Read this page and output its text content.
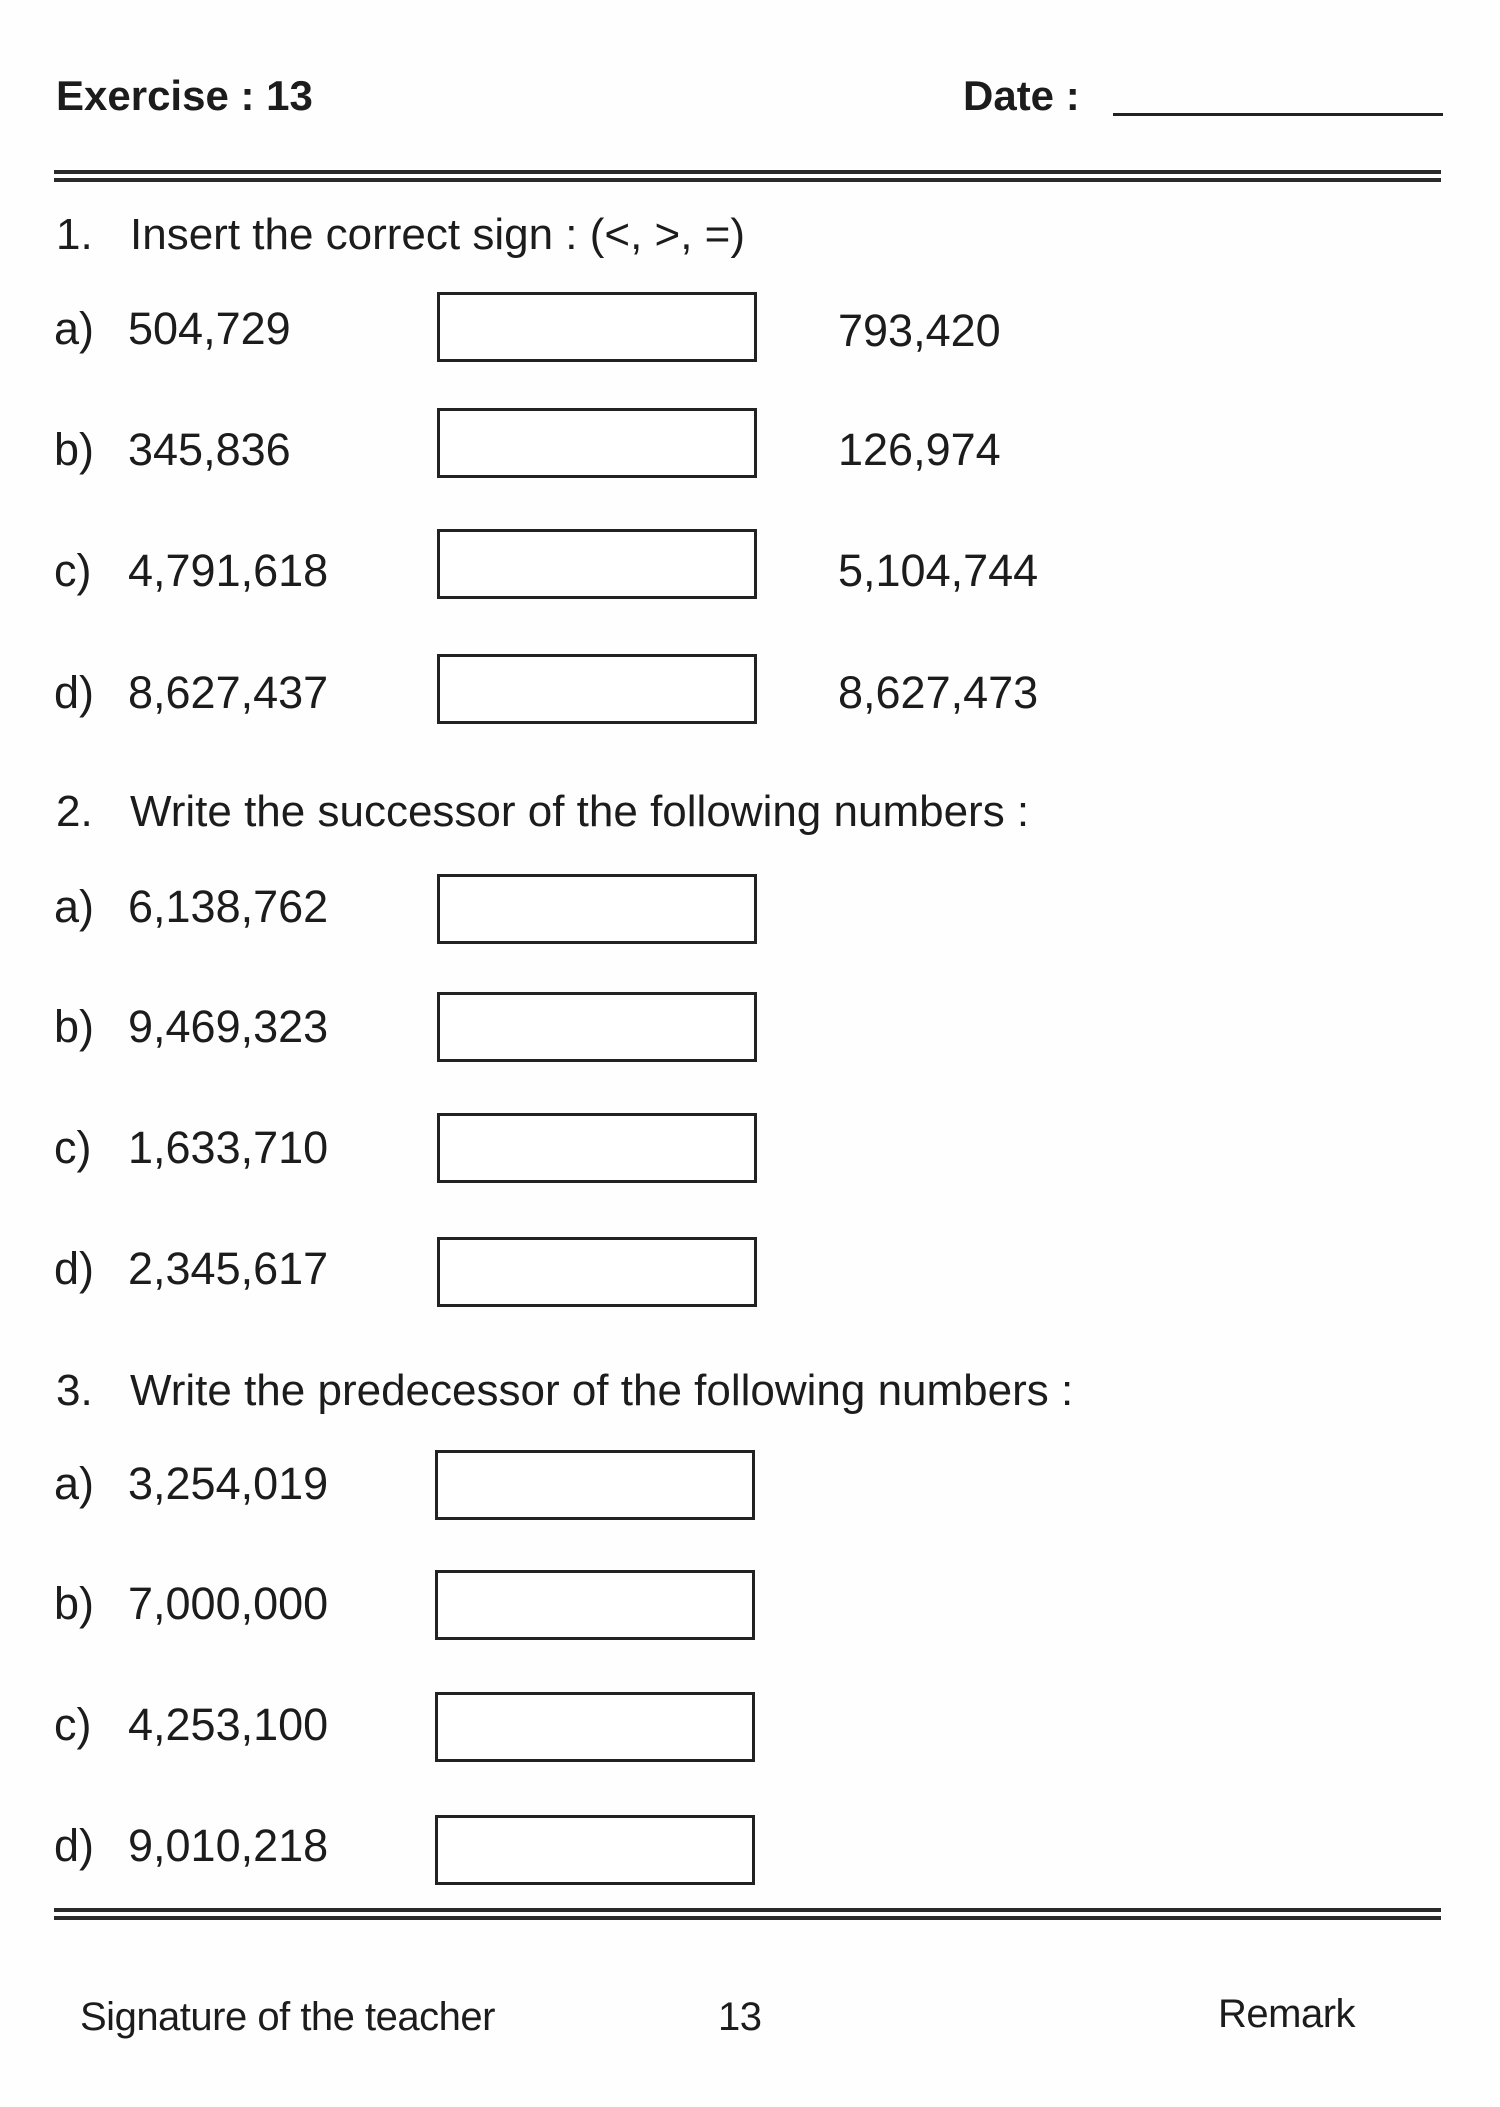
Exercise : 13	Date :
1. Insert the correct sign : (<, >, =)
a) 504,729	793,420
b) 345,836	126,974
c) 4,791,618	5,104,744
d) 8,627,437	8,627,473
2. Write the successor of the following numbers :
a) 6,138,762
b) 9,469,323
c) 1,633,710
d) 2,345,617
3. Write the predecessor of the following numbers :
a) 3,254,019
b) 7,000,000
c) 4,253,100
d) 9,010,218
Signature of the teacher	13	Remark
